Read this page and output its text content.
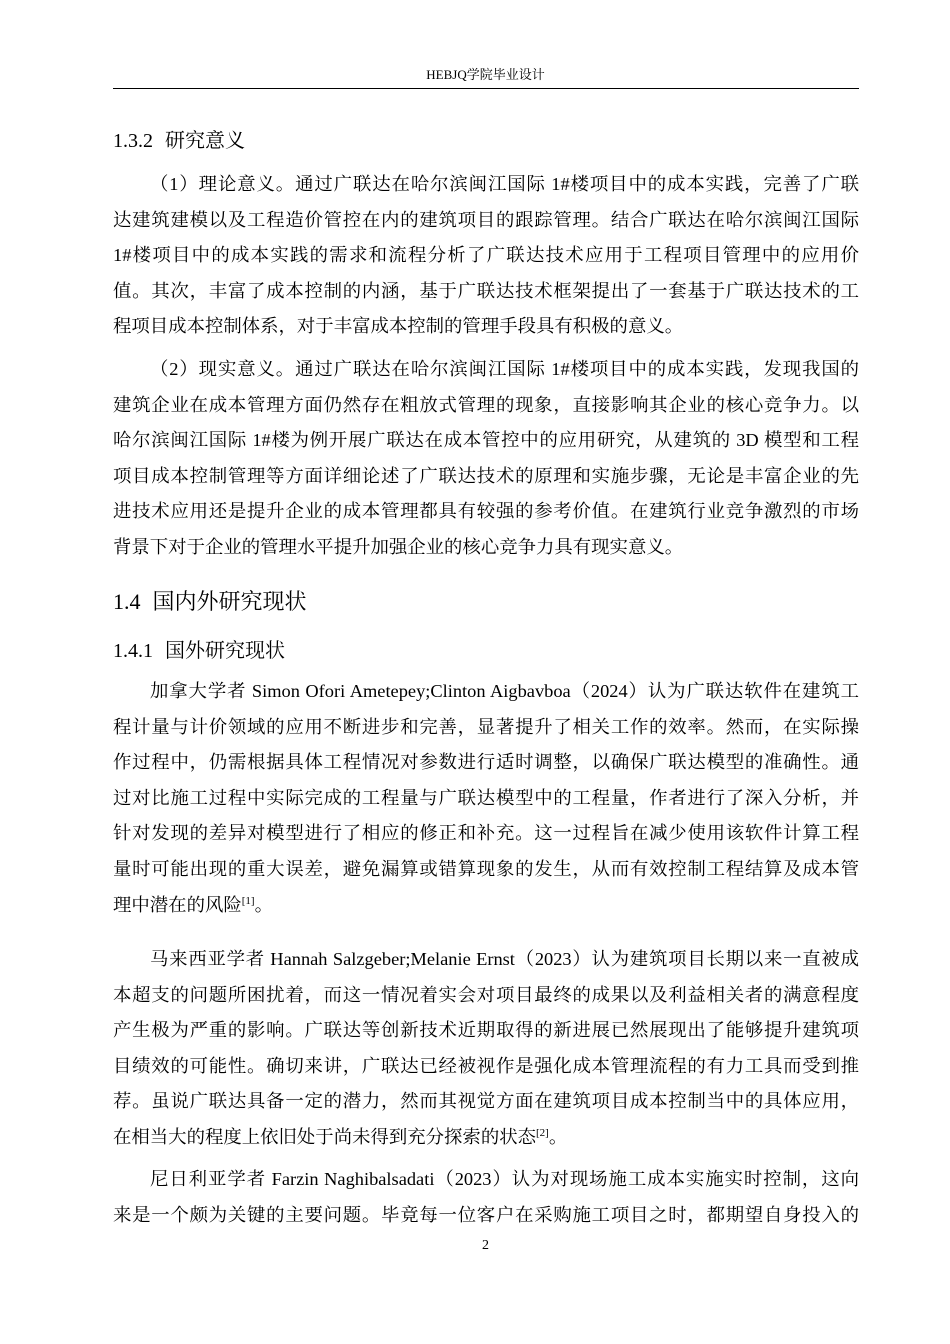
HEBJQ学院毕业设计
1.3.2 研究意义
（1）理论意义。通过广联达在哈尔滨闽江国际 1#楼项目中的成本实践，完善了广联
达建筑建模以及工程造价管控在内的建筑项目的跟踪管理。结合广联达在哈尔滨闽江国际
1#楼项目中的成本实践的需求和流程分析了广联达技术应用于工程项目管理中的应用价
值。其次，丰富了成本控制的内涵，基于广联达技术框架提出了一套基于广联达技术的工
程项目成本控制体系，对于丰富成本控制的管理手段具有积极的意义。
（2）现实意义。通过广联达在哈尔滨闽江国际 1#楼项目中的成本实践，发现我国的
建筑企业在成本管理方面仍然存在粗放式管理的现象，直接影响其企业的核心竞争力。以
哈尔滨闽江国际 1#楼为例开展广联达在成本管控中的应用研究，从建筑的 3D 模型和工程
项目成本控制管理等方面详细论述了广联达技术的原理和实施步骤，无论是丰富企业的先
进技术应用还是提升企业的成本管理都具有较强的参考价值。在建筑行业竞争激烈的市场
背景下对于企业的管理水平提升加强企业的核心竞争力具有现实意义。
1.4 国内外研究现状
1.4.1 国外研究现状
加拿大学者 Simon Ofori Ametepey;Clinton Aigbavboa（2024）认为广联达软件在建筑工
程计量与计价领域的应用不断进步和完善，显著提升了相关工作的效率。然而，在实际操
作过程中，仍需根据具体工程情况对参数进行适时调整，以确保广联达模型的准确性。通
过对比施工过程中实际完成的工程量与广联达模型中的工程量，作者进行了深入分析，并
针对发现的差异对模型进行了相应的修正和补充。这一过程旨在减少使用该软件计算工程
量时可能出现的重大误差，避免漏算或错算现象的发生，从而有效控制工程结算及成本管
理中潜在的风险[1]。
马来西亚学者 Hannah Salzgeber;Melanie Ernst（2023）认为建筑项目长期以来一直被成
本超支的问题所困扰着，而这一情况着实会对项目最终的成果以及利益相关者的满意程度
产生极为严重的影响。广联达等创新技术近期取得的新进展已然展现出了能够提升建筑项
目绩效的可能性。确切来讲，广联达已经被视作是强化成本管理流程的有力工具而受到推
荐。虽说广联达具备一定的潜力，然而其视觉方面在建筑项目成本控制当中的具体应用，
在相当大的程度上依旧处于尚未得到充分探索的状态[2]。
尼日利亚学者 Farzin Naghibalsadati（2023）认为对现场施工成本实施实时控制，这向
来是一个颇为关键的主要问题。毕竟每一位客户在采购施工项目之时，都期望自身投入的
2
